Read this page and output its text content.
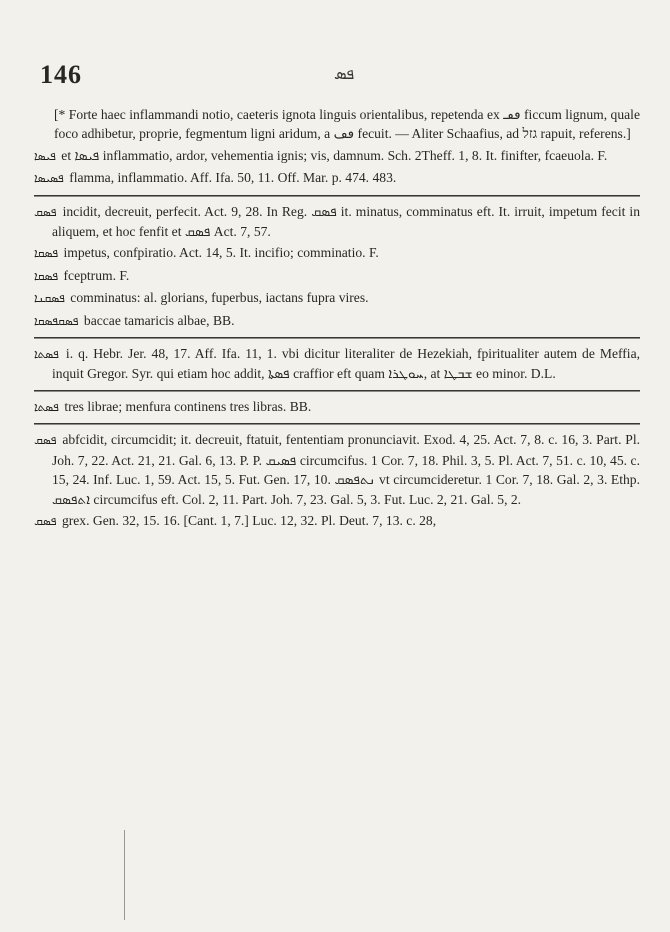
146	ܦܣ

[* Forte haec inflammandi notio, caeteris ignota linguis orientalibus, repetenda ex ڡڡـ ficcum lignum, quale foco adhibetur, proprie, fegmentum ligni aridum, a ڡڡ fecuit. — Aliter Schaafius, ad גזל rapuit, referens.]

ܦܝܣܐ et ܦܝܣܐ inflammatio, ardor, vehementia ignis; vis, damnum. Sch. 2Theff. 1, 8. It. finifter, fcaeuola. F.

ܦܣܝܣܐ flamma, inflammatio. Aff. Ifa. 50, 11. Off. Mar. p. 474. 483.

ܦܣܩ incidit, decreuit, perfecit. Act. 9, 28. In Reg. ܦܣܩ it. minatus, comminatus eft. It. irruit, impetum fecit in aliquem, et hoc fenfit et ܦܣܩ Act. 7, 57.

ܦܣܩܐ impetus, confpiratio. Act. 14, 5. It. incifio; comminatio. F.

ܦܣܩܐ fceptrum. F.

ܦܣܩܢܐ comminatus: al. glorians, fuperbus, iactans fupra vires.

ܦܣܩܦܣܩܐ baccae tamaricis albae, BB.

ܦܣܬܐ i. q. Hebr. Jer. 48, 17. Aff. Ifa. 11, 1. vbi dicitur literaliter de Hezekiah, fpiritualiter autem de Meffia, inquit Gregor. Syr. qui etiam hoc addit, ܦܣܬܐ craffior eft quam ܚܘܛܪܐ, at ܫܒܛܐ eo minor. D.L.

ܦܣܬܐ tres librae; menfura continens tres libras. BB.

ܦܣܩ abfcidit, circumcidit; it. decreuit, ftatuit, fententiam pronunciavit. Exod. 4, 25. Act. 7, 8. c. 16, 3. Part. Pl. Joh. 7, 22. Act. 21, 21. Gal. 6, 13. P. P. ܦܣܝܩ circumcifus. 1 Cor. 7, 18. Phil. 3, 5. Pl. Act. 7, 51. c. 10, 45. c. 15, 24. Inf. Luc. 1, 59. Act. 15, 5. Fut. Gen. 17, 10. ܢܬܦܣܩ vt circumcideretur. 1 Cor. 7, 18. Gal. 2, 3. Ethp. ܐܬܦܣܩ circumcifus eft. Col. 2, 11. Part. Joh. 7, 23. Gal. 5, 3. Fut. Luc. 2, 21. Gal. 5, 2.

ܦܣܩ grex. Gen. 32, 15. 16. [Cant. 1, 7.] Luc. 12, 32. Pl. Deut. 7, 13. c. 28,
